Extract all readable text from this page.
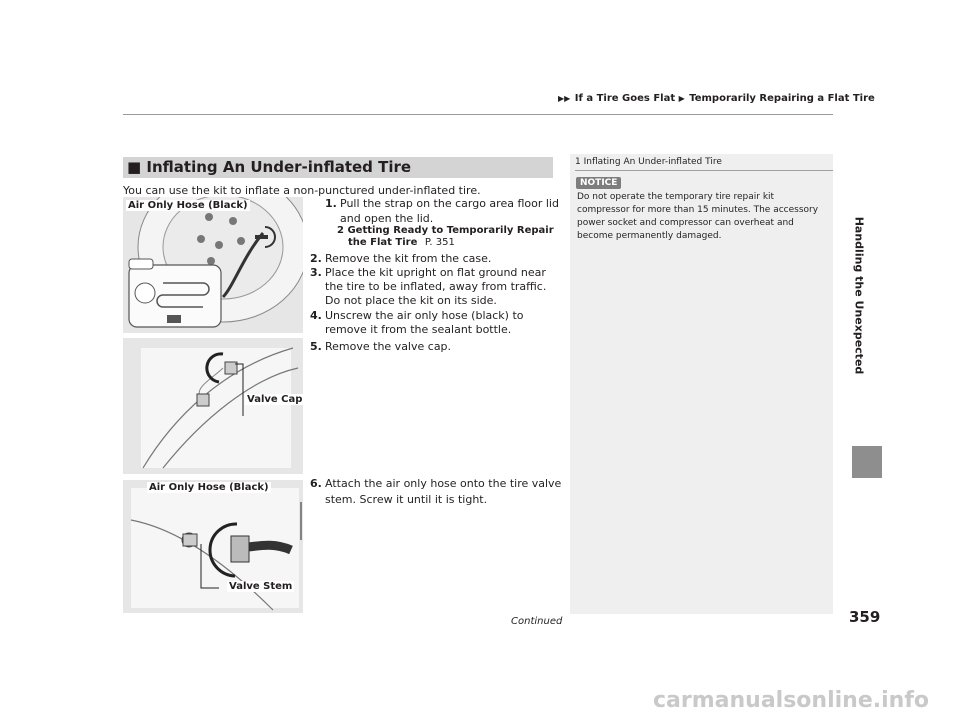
▶▶ If a Tire Goes Flat ▶ Temporarily Repairing a Flat Tire
■ Inflating An Under-inflated Tire
You can use the kit to inflate a non-punctured under-inflated tire.
Air Only Hose (Black)
Valve Cap
Air Only Hose (Black)
Valve Stem
1. Pull the strap on the cargo area floor lid
and open the lid.
2 Getting Ready to Temporarily Repair
the Flat Tire P. 351
2. Remove the kit from the case.
3. Place the kit upright on flat ground near
the tire to be inflated, away from traffic.
Do not place the kit on its side.
4. Unscrew the air only hose (black) to
remove it from the sealant bottle.
5. Remove the valve cap.
6. Attach the air only hose onto the tire valve
stem. Screw it until it is tight.
1 Inflating An Under-inflated Tire
NOTICE
Do not operate the temporary tire repair kit
compressor for more than 15 minutes. The accessory
power socket and compressor can overheat and
become permanently damaged.	Handling the Unexpected
359
Continued
carmanualsonline.info
